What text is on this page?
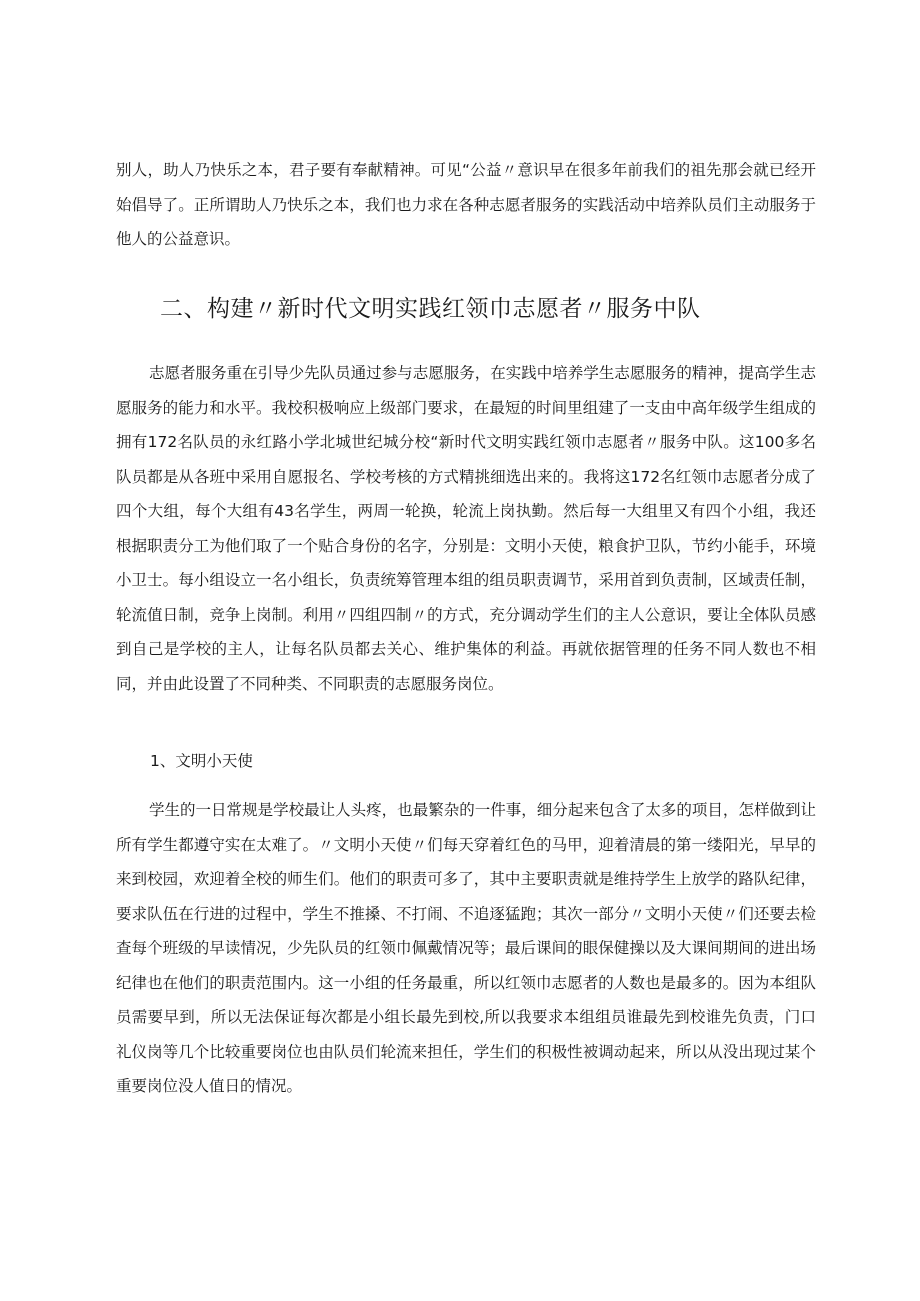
别人，助人乃快乐之本，君子要有奉献精神。可见“公益〃意识早在很多年前我们的祖先那会就已经开始倡导了。正所谓助人乃快乐之本，我们也力求在各种志愿者服务的实践活动中培养队员们主动服务于他人的公益意识。

二、构建〃新时代文明实践红领巾志愿者〃服务中队

志愿者服务重在引导少先队员通过参与志愿服务，在实践中培养学生志愿服务的精神，提高学生志愿服务的能力和水平。我校积极响应上级部门要求，在最短的时间里组建了一支由中高年级学生组成的拥有172名队员的永红路小学北城世纪城分校“新时代文明实践红领巾志愿者〃服务中队。这100多名队员都是从各班中采用自愿报名、学校考核的方式精挑细选出来的。我将这172名红领巾志愿者分成了四个大组，每个大组有43名学生，两周一轮换，轮流上岗执勤。然后每一大组里又有四个小组，我还根据职责分工为他们取了一个贴合身份的名字，分别是：文明小天使，粮食护卫队，节约小能手，环境小卫士。每小组设立一名小组长，负责统筹管理本组的组员职责调节，采用首到负责制，区域责任制，轮流值日制，竞争上岗制。利用〃四组四制〃的方式，充分调动学生们的主人公意识，要让全体队员感到自己是学校的主人，让每名队员都去关心、维护集体的利益。再就依据管理的任务不同人数也不相同，并由此设置了不同种类、不同职责的志愿服务岗位。

1、文明小天使

学生的一日常规是学校最让人头疼，也最繁杂的一件事，细分起来包含了太多的项目，怎样做到让所有学生都遵守实在太难了。〃文明小天使〃们每天穿着红色的马甲，迎着清晨的第一缕阳光，早早的来到校园，欢迎着全校的师生们。他们的职责可多了，其中主要职责就是维持学生上放学的路队纪律，要求队伍在行进的过程中，学生不推搡、不打闹、不追逐猛跑；其次一部分〃文明小天使〃们还要去检查每个班级的早读情况，少先队员的红领巾佩戴情况等；最后课间的眼保健操以及大课间期间的进出场纪律也在他们的职责范围内。这一小组的任务最重，所以红领巾志愿者的人数也是最多的。因为本组队员需要早到，所以无法保证每次都是小组长最先到校,所以我要求本组组员谁最先到校谁先负责，门口礼仪岗等几个比较重要岗位也由队员们轮流来担任，学生们的积极性被调动起来，所以从没出现过某个重要岗位没人值日的情况。
